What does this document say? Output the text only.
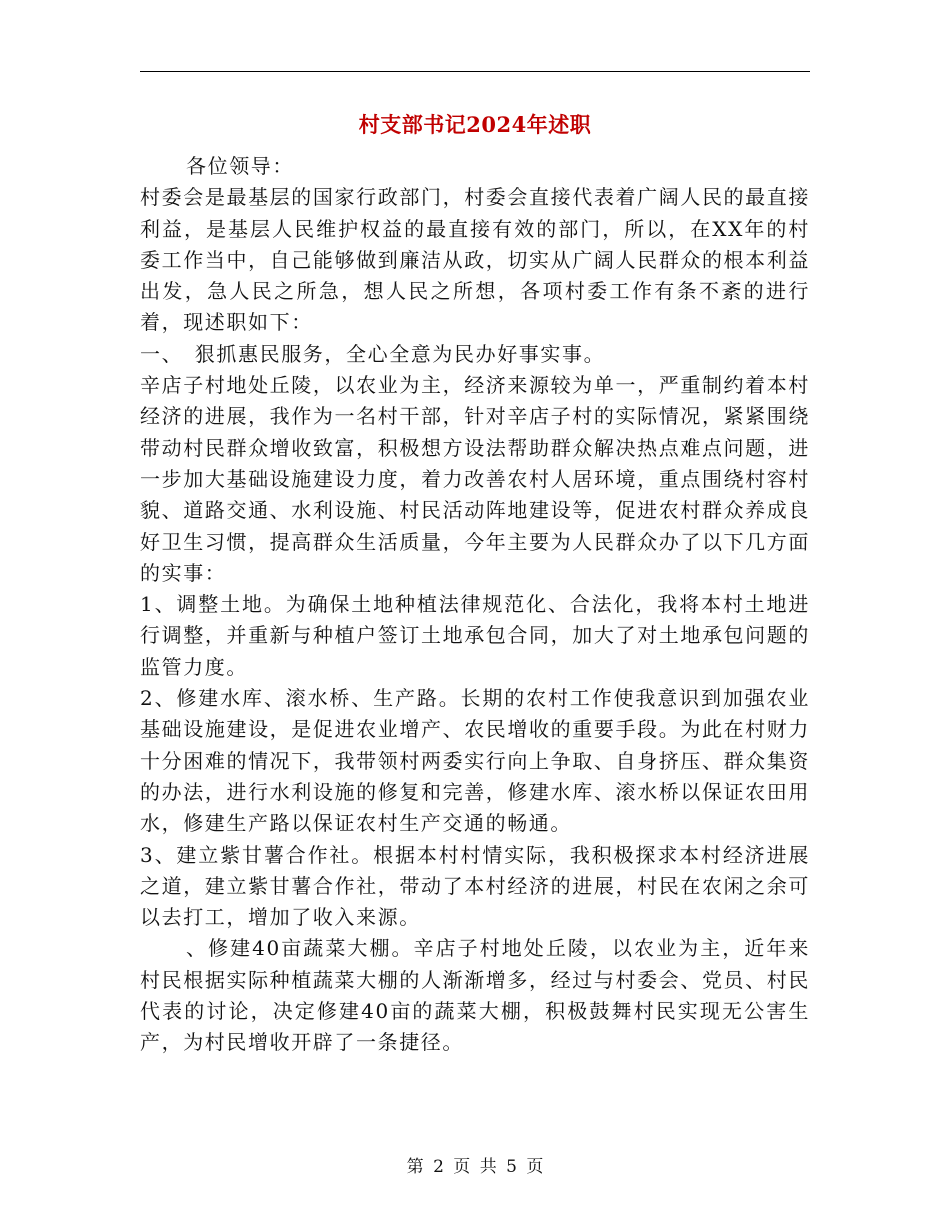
村支部书记2024年述职

各位领导：

村委会是最基层的国家行政部门，村委会直接代表着广阔人民的最直接利益，是基层人民维护权益的最直接有效的部门，所以，在XX年的村委工作当中，自己能够做到廉洁从政，切实从广阔人民群众的根本利益出发，急人民之所急，想人民之所想，各项村委工作有条不紊的进行着，现述职如下：

一、　狠抓惠民服务，全心全意为民办好事实事。

辛店子村地处丘陵，以农业为主，经济来源较为单一，严重制约着本村经济的进展，我作为一名村干部，针对辛店子村的实际情况，紧紧围绕带动村民群众增收致富，积极想方设法帮助群众解决热点难点问题，进一步加大基础设施建设力度，着力改善农村人居环境，重点围绕村容村貌、道路交通、水利设施、村民活动阵地建设等，促进农村群众养成良好卫生习惯，提高群众生活质量，今年主要为人民群众办了以下几方面的实事：

1、调整土地。为确保土地种植法律规范化、合法化，我将本村土地进行调整，并重新与种植户签订土地承包合同，加大了对土地承包问题的监管力度。

2、修建水库、滚水桥、生产路。长期的农村工作使我意识到加强农业基础设施建设，是促进农业增产、农民增收的重要手段。为此在村财力十分困难的情况下，我带领村两委实行向上争取、自身挤压、群众集资的办法，进行水利设施的修复和完善，修建水库、滚水桥以保证农田用水，修建生产路以保证农村生产交通的畅通。

3、建立紫甘薯合作社。根据本村村情实际，我积极探求本村经济进展之道，建立紫甘薯合作社，带动了本村经济的进展，村民在农闲之余可以去打工，增加了收入来源。

、修建40亩蔬菜大棚。辛店子村地处丘陵，以农业为主，近年来村民根据实际种植蔬菜大棚的人渐渐增多，经过与村委会、党员、村民代表的讨论，决定修建40亩的蔬菜大棚，积极鼓舞村民实现无公害生产，为村民增收开辟了一条捷径。

第 2 页 共 5 页
